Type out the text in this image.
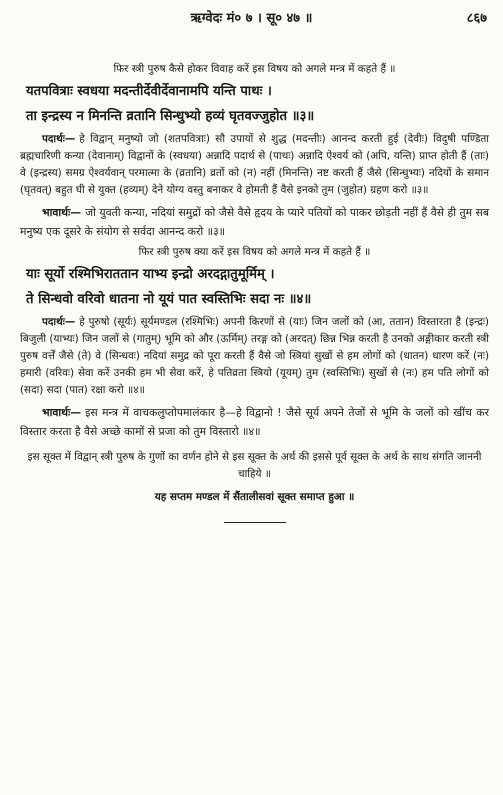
ऋग्वेदः मं० ७ । सू० ४७ ॥	८६७

फिर स्त्री पुरुष कैसे होकर विवाह करें इस विषय को अगले मन्त्र में कहते हैं ॥

यतपवित्राः स्वधया मदन्तीर्देवीर्देवानामपि यन्ति पाथः ।
ता इन्द्रस्य न मिनन्ति व्रतानि सिन्धुभ्यो हव्यं घृतवज्जुहोत ॥३॥

पदार्थः— हे विद्वान् मनुष्यो जो (शतपवित्राः) सौ उपायों से शुद्ध (मदन्तीः) आनन्द करती हुई (देवीः) विदुषी पण्डिता ब्रह्मचारिणी कन्या (देवानाम्) विद्वानों के (स्वधया) अन्नादि पदार्थ से (पाथः) अन्नादि ऐश्वर्य को (अपि, यन्ति) प्राप्त होती हैं (ताः) वे (इन्द्रस्य) समग्र ऐश्वर्यवान् परमात्मा के (व्रतानि) व्रतों को (न) नहीं (मिनन्ति) नष्ट करती हैं जैसे (सिन्धुभ्यः) नदियों के समान (घृतवत्) बहुत घी से युक्त (हव्यम्) देने योग्य वस्तु बनाकर वे होमती हैं वैसे इनको तुम (जुहोत) ग्रहण करो ॥३॥

भावार्थः— जो युवती कन्या, नदियां समुद्रों को जैसे वैसे हृदय के प्यारे पतियों को पाकर छोड़ती नहीं हैं वैसे ही तुम सब मनुष्य एक दूसरे के संयोग से सर्वदा आनन्द करो ॥३॥

फिर स्त्री पुरुष क्या करें इस विषय को अगले मन्त्र में कहते हैं ॥

याः सूर्यो रश्मिभिराततान याभ्य इन्द्रो अरदद्गातुमूर्मिम् ।
ते सिन्धवो वरिवो धातना नो यूयं पात स्वस्तिभिः सदा नः ॥४॥

पदार्थः— हे पुरुषो (सूर्यः) सूर्यमण्डल (रश्मिभिः) अपनी किरणों से (याः) जिन जलों को (आ, ततान) विस्तारता है (इन्द्रः) बिजुली (याभ्यः) जिन जलों से (गातुम्) भूमि को और (ऊर्मिम्) तरङ्ग को (अरदत्) छिन्न भिन्न करती है उनको अङ्गीकार करती स्त्री पुरुष वर्त्तें जैसे (ते) वे (सिन्धवः) नदियां समुद्र को पूरा करती हैं वैसे जो स्त्रियां सुखों से हम लोगों को (धातन) धारण करें (नः) हमारी (वरिवः) सेवा करें उनकी हम भी सेवा करें, हे पतिव्रता स्त्रियो (यूयम्) तुम (स्वस्तिभिः) सुखों से (नः) हम पति लोगों को (सदा) सदा (पात) रक्षा करो ॥४॥

भावार्थः— इस मन्त्र में वाचकलुप्तोपमालंकार है—हे विद्वानो ! जैसे सूर्य अपने तेजों से भूमि के जलों को खींच कर विस्तार करता है वैसे अच्छे कामों से प्रजा को तुम विस्तारो ॥४॥

इस सूक्त में विद्वान् स्त्री पुरुष के गुणों का वर्णन होने से इस सूक्त के अर्थ की इससे पूर्व सूक्त के अर्थ के साथ संगति जाननी चाहिये ॥

यह सप्तम मण्डल में सैंतालीसवां सूक्त समाप्त हुआ ॥
